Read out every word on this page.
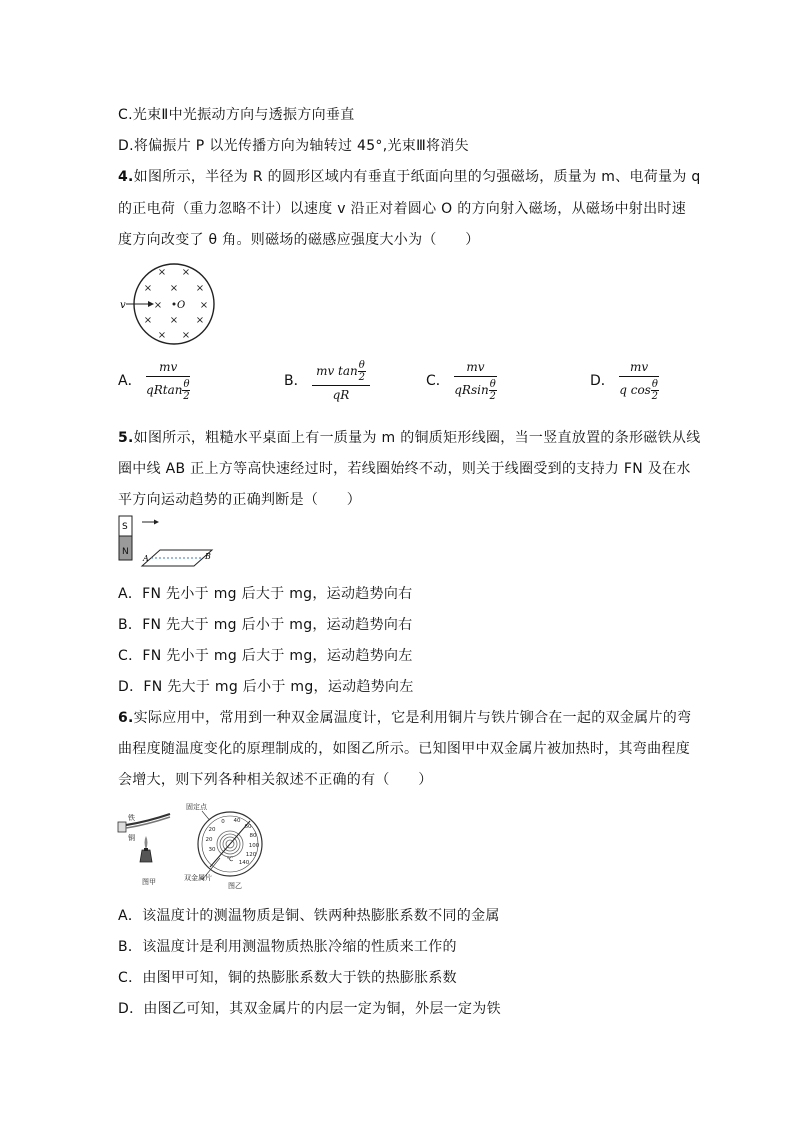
C.光束Ⅱ中光振动方向与透振方向垂直
D.将偏振片 P 以光传播方向为轴转过 45°,光束Ⅲ将消失
4.如图所示，半径为 R 的圆形区域内有垂直于纸面向里的匀强磁场，质量为 m、电荷量为 q
的正电荷（重力忽略不计）以速度 v 沿正对着圆心 O 的方向射入磁场，从磁场中射出时速
度方向改变了 θ 角。则磁场的磁感应强度大小为（　　）
× ×
× × ×
×	×
× × ×
× ×
v	O
A． $\frac{mv}{qRtan \frac{\theta}{2}}$	B． $\frac{mv \tan \frac{\theta}{2}}{qR}$	C． $\frac{mv}{qRsin \frac{\theta}{2}}$	D． $\frac{mv}{q \cos \frac{\theta}{2}}$
5.如图所示，粗糙水平桌面上有一质量为 m 的铜质矩形线圈，当一竖直放置的条形磁铁从线
圈中线 AB 正上方等高快速经过时，若线圈始终不动，则关于线圈受到的支持力 FN 及在水
平方向运动趋势的正确判断是（　　）
S
N
A	B
A．FN 先小于 mg 后大于 mg，运动趋势向右
B．FN 先大于 mg 后小于 mg，运动趋势向右
C．FN 先小于 mg 后大于 mg，运动趋势向左
D．FN 先大于 mg 后小于 mg，运动趋势向左
6.实际应用中，常用到一种双金属温度计，它是利用铜片与铁片铆合在一起的双金属片的弯
曲程度随温度变化的原理制成的，如图乙所示。已知图甲中双金属片被加热时，其弯曲程度
会增大，则下列各种相关叙述不正确的有（　　）
铁
铜
图甲
固定点
0
20
40
60
80
100
120
140
20
30
℃
双金属片
图乙
A．该温度计的测温物质是铜、铁两种热膨胀系数不同的金属
B．该温度计是利用测温物质热胀冷缩的性质来工作的
C．由图甲可知，铜的热膨胀系数大于铁的热膨胀系数
D．由图乙可知，其双金属片的内层一定为铜，外层一定为铁
